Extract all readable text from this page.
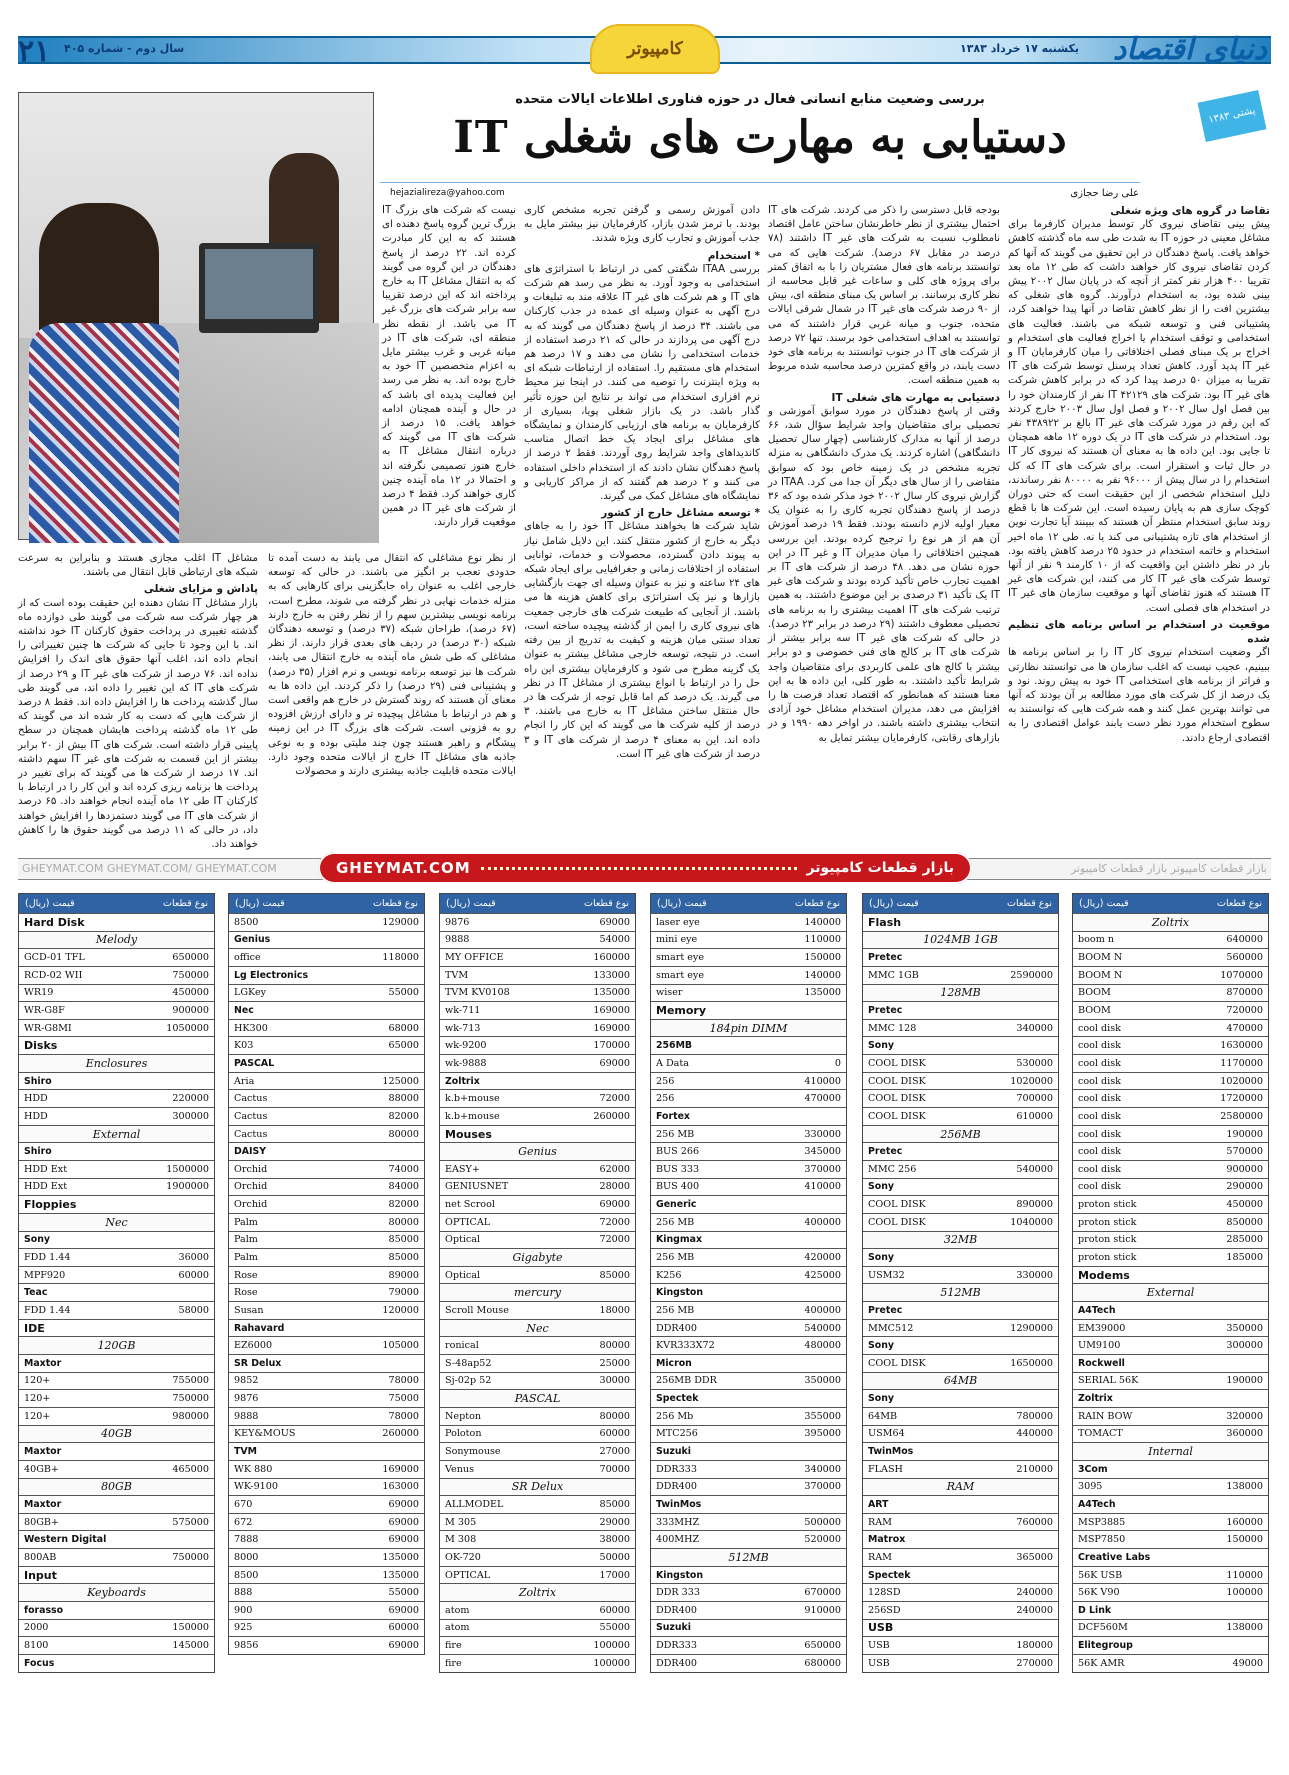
۲۱ سال دوم - شماره ۴۰۵	یکشنبه ۱۷ خرداد ۱۳۸۳ دنیای اقتصاد
کامپیوتر
پشتی ۱۳۸۳
بررسی وضعیت منابع انسانی فعال در حوزه فناوری اطلاعات ایالات متحده
دستیابی به مهارت های شغلی IT
علی رضا حجازی
hejazialireza@yahoo.com
تقاضا در گروه های ویژه شغلی

پیش بینی تقاضای نیروی کار توسط مدیران کارفرما برای مشاغل معینی در حوزه IT به شدت طی سه ماه گذشته کاهش خواهد یافت. پاسخ دهندگان در این تحقیق می گویند که آنها کم کردن تقاضای نیروی کار خواهند داشت که طی ۱۲ ماه بعد تقریبا ۴۰۰ هزار نفر کمتر از آنچه که در پایان سال ۲۰۰۲ پیش بینی شده بود، به استخدام درآورند. گروه های شغلی که بیشترین افت را از نظر کاهش تقاضا در آنها پیدا خواهند کرد، پشتیبانی فنی و توسعه شبکه می باشند. فعالیت های استخدامی و توقف استخدام یا اخراج فعالیت های استخدام و اخراج بر یک مبنای فصلی اختلافاتی را میان کارفرمایان IT و غیر IT پدید آورد. کاهش تعداد پرسنل توسط شرکت های IT تقریبا به میزان ۵۰ درصد پیدا کرد که در برابر کاهش شرکت های غیر IT بود. شرکت های IT ۴۲۱۲۹ نفر از کارمندان خود را بین فصل اول سال ۲۰۰۲ و فصل اول سال ۲۰۰۳ خارج کردند که این رقم در مورد شرکت های غیر IT بالغ بر ۴۳۸۹۲۲ نفر بود. استخدام در شرکت های IT در یک دوره ۱۲ ماهه همچنان تا جایی بود. این داده ها به معنای آن هستند که نیروی کار IT در حال ثبات و استقرار است. برای شرکت های IT که کل استخدام را در سال پیش از ۹۶۰۰۰ نفر به ۸۰۰۰۰ نفر رساندند، دلیل استخدام شخصی از این حقیقت است که حتی دوران کوچک سازی هم به پایان رسیده است. این شرکت ها با قطع روند سابق استخدام منتظر آن هستند که ببینند آیا تجارت نوین از استخدام های تازه پشتیبانی می کند یا نه. طی ۱۲ ماه اخیر استخدام و خاتمه استخدام در حدود ۲۵ درصد کاهش یافته بود. بار در نظر داشتن این واقعیت که از ۱۰ کارمند ۹ نفر از آنها توسط شرکت های غیر IT کار می کنند، این شرکت های غیر IT هستند که هنوز تقاضای آنها و موقعیت سازمان های غیر IT در استخدام های فصلی است.

موقعیت در استخدام بر اساس برنامه های تنظیم شده

اگر وضعیت استخدام نیروی کار IT را بر اساس برنامه ها ببینیم، عجیب نیست که اغلب سازمان ها می توانستند نظارتی و فراتر از برنامه های استخدامی IT خود به پیش روند. نود و یک درصد از کل شرکت های مورد مطالعه بر آن بودند که آنها می توانند بهترین عمل کنند و همه شرکت هایی که توانستند به سطوح استخدام مورد نظر دست یابند عوامل اقتصادی را به اقتصادی ارجاع دادند.

بودجه قابل دسترسی را ذکر می کردند. شرکت های IT احتمال بیشتری از نظر خاطرنشان ساختن عامل اقتصاد نامطلوب نسبت به شرکت های غیر IT داشتند (۷۸ درصد در مقابل ۶۷ درصد). شرکت هایی که می توانستند برنامه های فعال مشتریان را با به اتفاق کمتر برای پروژه های کلی و ساعات غیر قابل محاسبه از نظر کاری برسانند. بر اساس یک مبنای منطقه ای، بیش از ۹۰ درصد شرکت های غیر IT در شمال شرقی ایالات متحده، جنوب و میانه غربی قرار داشتند که می توانستند به اهداف استخدامی خود برسند. تنها ۷۲ درصد از شرکت های IT در جنوب توانستند به برنامه های خود دست یابند، در واقع کمترین درصد محاسبه شده مربوط به همین منطقه است.

دستیابی به مهارت های شغلی IT

وقتی از پاسخ دهندگان در مورد سوابق آموزشی و تحصیلی برای متقاضیان واجد شرایط سؤال شد، ۶۶ درصد از آنها به مدارک کارشناسی (چهار سال تحصیل دانشگاهی) اشاره کردند. یک مدرک دانشگاهی به منزله تجربه مشخص در یک زمینه خاص بود که سوابق متقاضی را از سال های دیگر آن جدا می کرد. ITAA در گزارش نیروی کار سال ۲۰۰۲ خود مذکر شده بود که ۳۶ درصد از پاسخ دهندگان تجربه کاری را به عنوان یک معیار اولیه لازم دانسته بودند. فقط ۱۹ درصد آموزش آن هم از هر نوع را ترجیح کرده بودند. این بررسی همچنین اختلافاتی را میان مدیران IT و غیر IT در این حوزه نشان می دهد. ۴۸ درصد از شرکت های IT بر اهمیت تجارب خاص تأکید کرده بودند و شرکت های غیر IT یک تأکید ۳۱ درصدی بر این موضوع داشتند. به همین ترتیب شرکت های IT اهمیت بیشتری را به برنامه های تحصیلی معطوف داشتند (۲۹ درصد در برابر ۲۳ درصد). در حالی که شرکت های غیر IT سه برابر بیشتر از شرکت های IT بر کالج های فنی خصوصی و دو برابر بیشتر با کالج های علمی کاربردی برای متقاضیان واجد شرایط تأکید داشتند. به طور کلی، این داده ها به این معنا هستند که همانطور که اقتصاد تعداد فرصت ها را افزایش می دهد، مدیران استخدام مشاغل خود آزادی انتخاب بیشتری داشته باشند. در اواخر دهه ۱۹۹۰ و در بازارهای رقابتی، کارفرمایان بیشتر تمایل به

دادن آموزش رسمی و گرفتن تجربه مشخص کاری بودند. با ترمز شدن بازار، کارفرمایان نیز بیشتر مایل به جذب آموزش و تجارب کاری ویژه شدند.

* استخدام

بررسی ITAA شگفتی کمی در ارتباط با استراتژی های استخدامی به وجود آورد. به نظر می رسد هم شرکت های IT و هم شرکت های غیر IT علاقه مند به تبلیغات و درج آگهی به عنوان وسیله ای عمده در جذب کارکنان می باشند. ۳۴ درصد از پاسخ دهندگان می گویند که به درج آگهی می پردازند در حالی که ۲۱ درصد استفاده از خدمات استخدامی را نشان می دهند و ۱۷ درصد هم استخدام های مستقیم را. استفاده از ارتباطات شبکه ای به ویژه اینترنت را توصیه می کنند. در اینجا نیز محیط نرم افزاری استخدام می تواند بر نتایج این حوزه تأثیر گذار باشد. در یک بازار شغلی پویا، بسیاری از کارفرمایان به برنامه های ارزیابی کارمندان و نمایشگاه های مشاغل برای ایجاد یک خط اتصال مناسب کاندیداهای واجد شرایط روی آوردند. فقط ۲ درصد از پاسخ دهندگان نشان دادند که از استخدام داخلی استفاده می کنند و ۲ درصد هم گفتند که از مراکز کاریابی و نمایشگاه های مشاغل کمک می گیرند.

* توسعه مشاغل خارج از کشور

شاید شرکت ها بخواهند مشاغل IT خود را به جاهای دیگر به خارج از کشور منتقل کنند. این دلایل شامل نیاز به پیوند دادن گسترده، محصولات و خدمات، توانایی استفاده از اختلافات زمانی و جغرافیایی برای ایجاد شبکه های ۲۴ ساعته و نیز به عنوان وسیله ای جهت بازگشایی بازارها و نیز یک استراتژی برای کاهش هزینه ها می باشند. از آنجایی که طبیعت شرکت های خارجی جمعیت های نیروی کاری را ایمن از گذشته پیچیده ساخته است، تعداد سنتی میان هزینه و کیفیت به تدریج از بین رفته است. در نتیجه، توسعه خارجی مشاغل بیشتر به عنوان یک گزینه مطرح می شود و کارفرمایان بیشتری این راه حل را در ارتباط با انواع بیشتری از مشاغل IT در نظر می گیرند. یک درصد کم اما قابل توجه از شرکت ها در حال منتقل ساختن مشاغل IT به خارج می باشند. ۳ درصد از کلیه شرکت ها می گویند که این کار را انجام داده اند. این به معنای ۴ درصد از شرکت های IT و ۳ درصد از شرکت های غیر IT است.

نیست که شرکت های بزرگ IT بزرگ ترین گروه پاسخ دهنده ای هستند که به این کار مبادرت کرده اند. ۲۲ درصد از پاسخ دهندگان در این گروه می گویند که به انتقال مشاغل IT به خارج پرداخته اند که این درصد تقریبا سه برابر شرکت های بزرگ غیر IT می باشد. از نقطه نظر منطقه ای، شرکت های IT در میانه غربی و غرب بیشتر مایل به اعزام متخصصین IT خود به خارج بوده اند. به نظر می رسد این فعالیت پدیده ای باشد که در حال و آینده همچنان ادامه خواهد یافت. ۱۵ درصد از شرکت های IT می گویند که درباره انتقال مشاغل IT به خارج هنوز تصمیمی نگرفته اند و احتمالا در ۱۲ ماه آینده چنین کاری خواهند کرد. فقط ۴ درصد از شرکت های غیر IT در همین موقعیت قرار دارند.

مشاغل IT اغلب مجازی هستند و بنابراین به سرعت شبکه های ارتباطی قابل انتقال می باشند.

پاداش و مزایای شغلی

بازار مشاغل IT نشان دهنده این حقیقت بوده است که از هر چهار شرکت سه شرکت می گویند طی دوازده ماه گذشته تغییری در پرداخت حقوق کارکنان IT خود نداشته اند. با این وجود تا جایی که شرکت ها چنین تغییراتی را انجام داده اند، اغلب آنها حقوق های اندک را افزایش نداده اند. ۷۶ درصد از شرکت های غیر IT و ۲۹ درصد از شرکت های IT که این تغییر را داده اند، می گویند طی سال گذشته پرداخت ها را افزایش داده اند. فقط ۸ درصد از شرکت هایی که دست به کار شده اند می گویند که طی ۱۲ ماه گذشته پرداخت هایشان همچنان در سطح پایینی قرار داشته است. شرکت های IT بیش از ۲۰ برابر بیشتر از این قسمت به شرکت های غیر IT سهم داشته اند. ۱۷ درصد از شرکت ها می گویند که برای تغییر در پرداخت ها برنامه ریزی کرده اند و این کار را در ارتباط با کارکنان IT طی ۱۲ ماه آینده انجام خواهند داد. ۶۵ درصد از شرکت های IT می گویند دستمزدها را افزایش خواهند داد، در حالی که ۱۱ درصد می گویند حقوق ها را کاهش خواهند داد.

از نظر نوع مشاغلی که انتقال می یابند به دست آمده تا حدودی تعجب بر انگیز می باشند. در حالی که توسعه خارجی اغلب به عنوان راه جایگزینی برای کارهایی که به منزله خدمات نهایی در نظر گرفته می شوند، مطرح است، برنامه نویسی بیشترین سهم را از نظر رفتن به خارج دارند (۶۷ درصد)، طراحان شبکه (۳۷ درصد) و توسعه دهندگان شبکه (۳۰ درصد) در ردیف های بعدی قرار دارند. از نظر مشاغلی که طی شش ماه آینده به خارج انتقال می یابند، شرکت ها نیز توسعه برنامه نویسی و نرم افزار (۳۵ درصد) و پشتیبانی فنی (۲۹ درصد) را ذکر کردند. این داده ها به معنای آن هستند که روند گسترش در خارج هم واقعی است و هم در ارتباط با مشاغل پیچیده تر و دارای ارزش افزوده رو به فزونی است. شرکت های بزرگ IT در این زمینه پیشگام و راهبر هستند چون چند ملیتی بوده و به نوعی جاذبه های مشاغل IT خارج از ایالات متحده وجود دارد. ایالات متحده قابلیت جاذبه بیشتری دارند و محصولات

GHEYMAT.COM GHEYMAT.COM/ GHEYMAT.COM	بازار قطعات کامپیوتر بازار قطعات کامپیوتر
GHEYMAT.COM	بازار قطعات کامپیوتر
قیمت (ریال)	نوع قطعات
Hard Disk
Melody
GCD-01 TFL	650000
RCD-02 WII	750000
WR19	450000
WR-G8F	900000
WR-G8MI	1050000
Disks
Enclosures
Shiro
HDD	220000
HDD	300000
External
Shiro
HDD Ext	1500000
HDD Ext	1900000
Floppies
Nec
Sony
FDD 1.44	36000
MPF920	60000
Teac
FDD 1.44	58000
IDE
120GB
Maxtor
120+	755000
120+	750000
120+	980000
40GB
Maxtor
40GB+	465000
80GB
Maxtor
80GB+	575000
Western Digital
800AB	750000
Input
Keyboards
forasso
2000	150000
8100	145000
Focus
قیمت (ریال)	نوع قطعات
8500	129000
Genius
office	118000
Lg Electronics
LGKey	55000
Nec
HK300	68000
K03	65000
PASCAL
Aria	125000
Cactus	88000
Cactus	82000
Cactus	80000
DAISY
Orchid	74000
Orchid	84000
Orchid	82000
Palm	80000
Palm	85000
Palm	85000
Rose	89000
Rose	79000
Susan	120000
Rahavard
EZ6000	105000
SR Delux
9852	78000
9876	75000
9888	78000
KEY&MOUS	260000
TVM
WK 880	169000
WK-9100	163000
670	69000
672	69000
7888	69000
8000	135000
8500	135000
888	55000
900	69000
925	60000
9856	69000
قیمت (ریال)	نوع قطعات
9876	69000
9888	54000
MY OFFICE	160000
TVM	133000
TVM KV0108	135000
wk-711	169000
wk-713	169000
wk-9200	170000
wk-9888	69000
Zoltrix
k.b+mouse	72000
k.b+mouse	260000
Mouses
Genius
EASY+	62000
GENIUSNET	28000
net Scrool	69000
OPTICAL	72000
Optical	72000
Gigabyte
Optical	85000
mercury
Scroll Mouse	18000
Nec
ronical	80000
S-48ap52	25000
Sj-02p 52	30000
PASCAL
Nepton	80000
Poloton	60000
Sonymouse	27000
Venus	70000
SR Delux
ALLMODEL	85000
M 305	29000
M 308	38000
OK-720	50000
OPTICAL	17000
Zoltrix
atom	60000
atom	55000
fire	100000
fire	100000
قیمت (ریال)	نوع قطعات
laser eye	140000
mini eye	110000
smart eye	150000
smart eye	140000
wiser	135000
Memory
184pin DIMM
256MB
A Data	0
256	410000
256	470000
Fortex
256 MB	330000
BUS 266	345000
BUS 333	370000
BUS 400	410000
Generic
256 MB	400000
Kingmax
256 MB	420000
K256	425000
Kingston
256 MB	400000
DDR400	540000
KVR333X72	480000
Micron
256MB DDR	350000
Spectek
256 Mb	355000
MTC256	395000
Suzuki
DDR333	340000
DDR400	370000
TwinMos
333MHZ	500000
400MHZ	520000
512MB
Kingston
DDR 333	670000
DDR400	910000
Suzuki
DDR333	650000
DDR400	680000
قیمت (ریال)	نوع قطعات
Flash
1024MB 1GB
Pretec
MMC 1GB	2590000
128MB
Pretec
MMC 128	340000
Sony
COOL DISK	530000
COOL DISK	1020000
COOL DISK	700000
COOL DISK	610000
256MB
Pretec
MMC 256	540000
Sony
COOL DISK	890000
COOL DISK	1040000
32MB
Sony
USM32	330000
512MB
Pretec
MMC512	1290000
Sony
COOL DISK	1650000
64MB
Sony
64MB	780000
USM64	440000
TwinMos
FLASH	210000
RAM
ART
RAM	760000
Matrox
RAM	365000
Spectek
128SD	240000
256SD	240000
USB
USB	180000
USB	270000
قیمت (ریال)	نوع قطعات
Zoltrix
boom n	640000
BOOM N	560000
BOOM N	1070000
BOOM	870000
BOOM	720000
cool disk	470000
cool disk	1630000
cool disk	1170000
cool disk	1020000
cool disk	1720000
cool disk	2580000
cool disk	190000
cool disk	570000
cool disk	900000
cool disk	290000
proton stick	450000
proton stick	850000
proton stick	285000
proton stick	185000
Modems
External
A4Tech
EM39000	350000
UM9100	300000
Rockwell
SERIAL 56K	190000
Zoltrix
RAIN BOW	320000
TOMACT	360000
Internal
3Com
3095	138000
A4Tech
MSP3885	160000
MSP7850	150000
Creative Labs
56K USB	110000
56K V90	100000
D Link
DCF560M	138000
Elitegroup
56K AMR	49000
